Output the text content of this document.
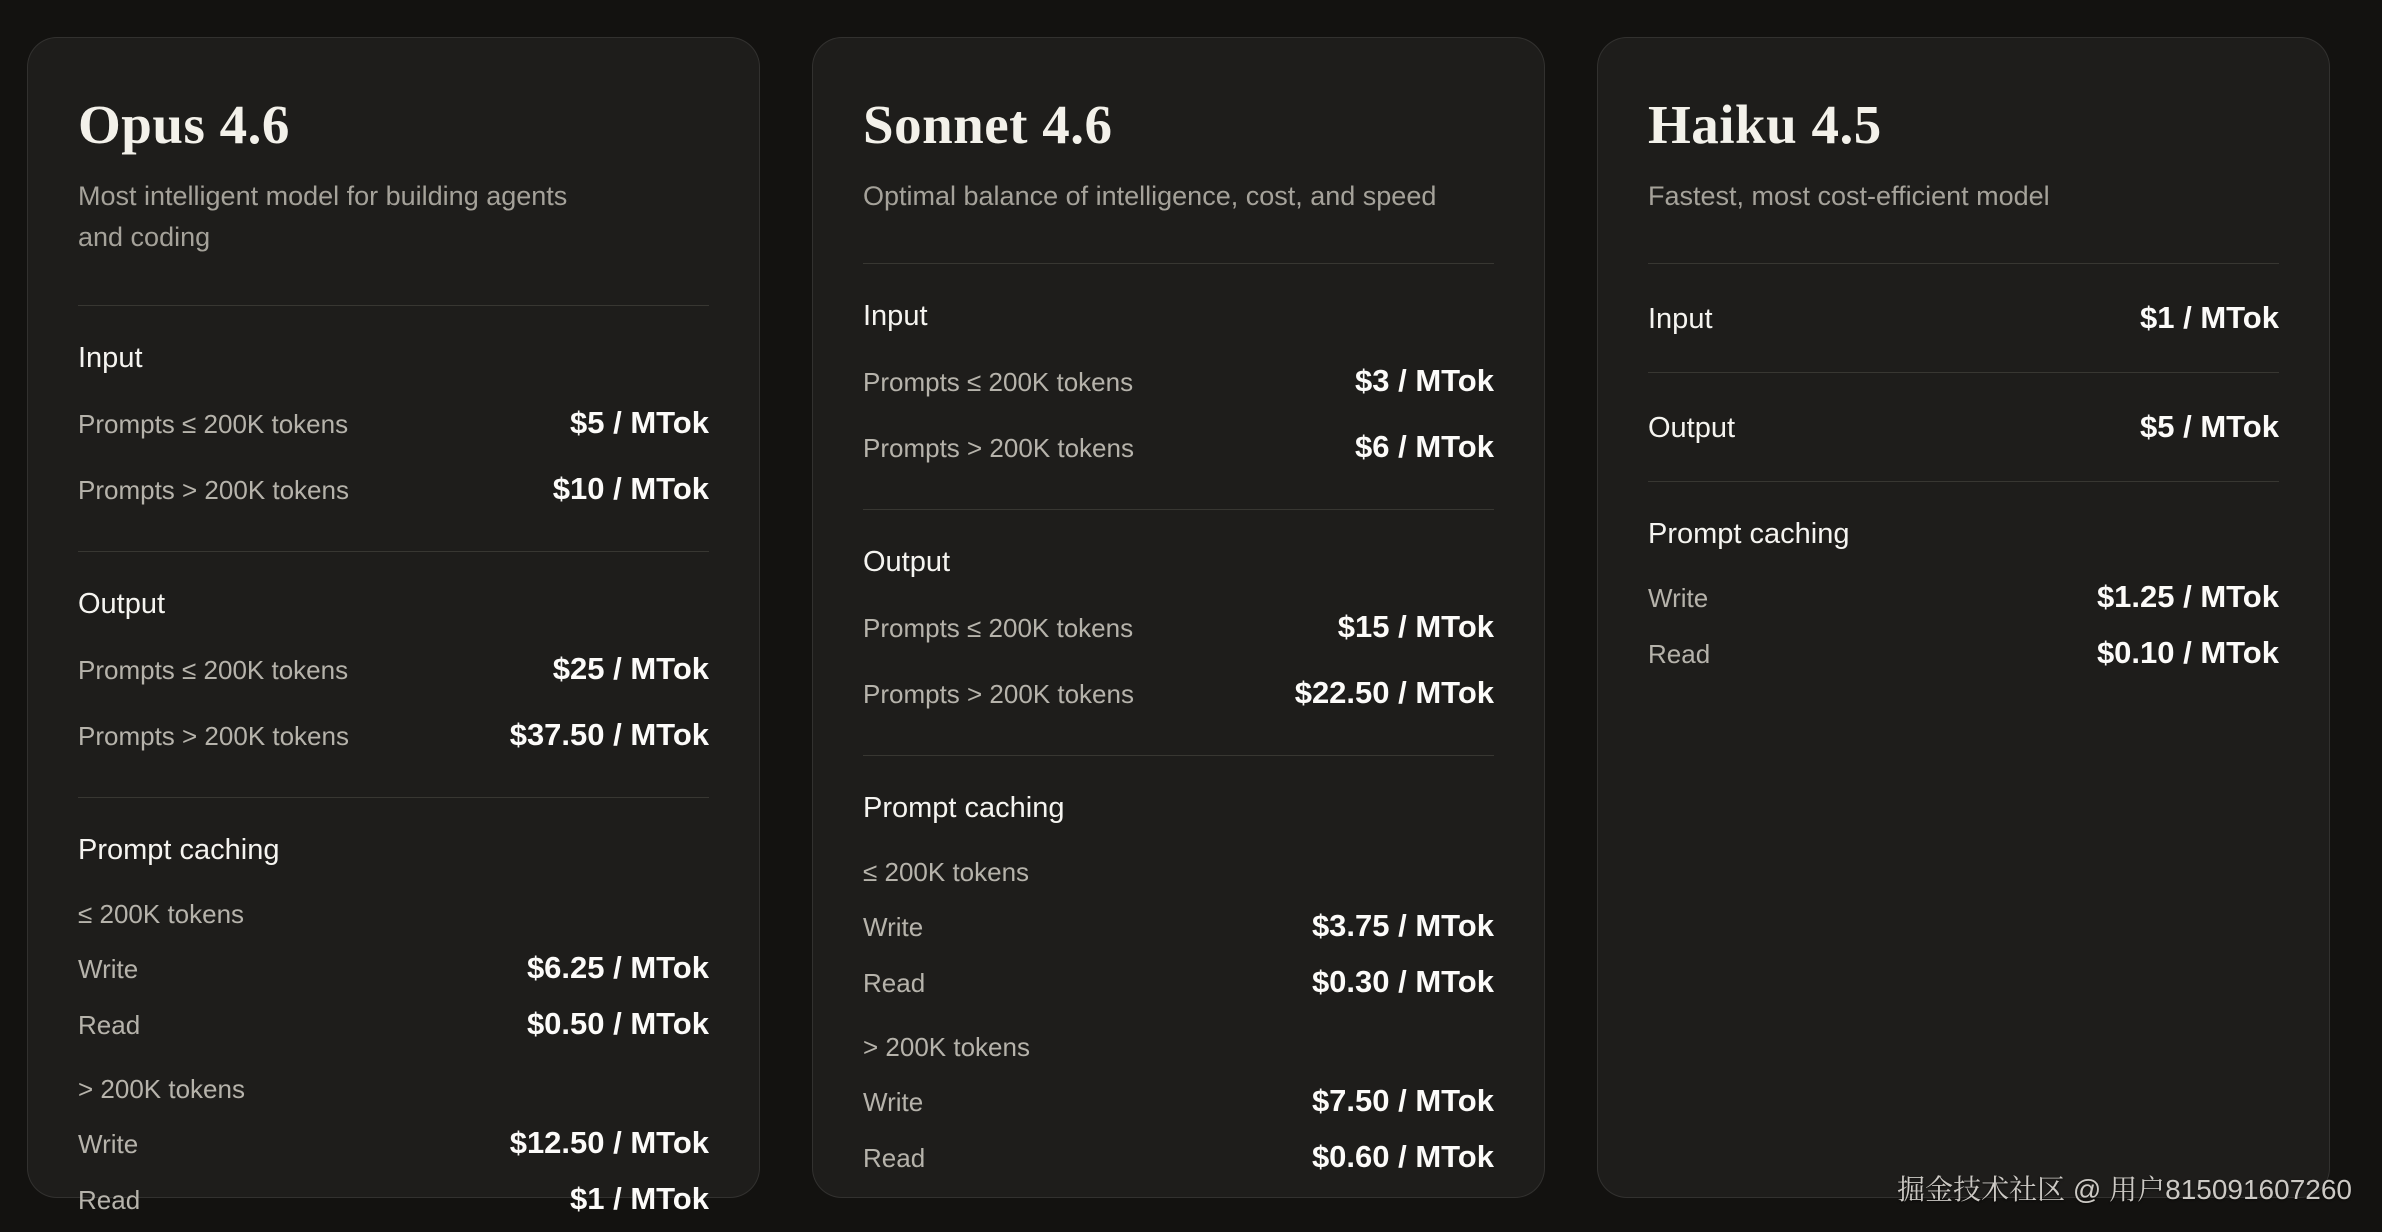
Opus 4.6

Most intelligent model for building agents and coding

Input
Prompts ≤ 200K tokens	$5 / MTok
Prompts > 200K tokens	$10 / MTok
Output
Prompts ≤ 200K tokens	$25 / MTok
Prompts > 200K tokens	$37.50 / MTok
Prompt caching
≤ 200K tokens
Write	$6.25 / MTok
Read	$0.50 / MTok
> 200K tokens
Write	$12.50 / MTok
Read	$1 / MTok
Sonnet 4.6

Optimal balance of intelligence, cost, and speed

Input
Prompts ≤ 200K tokens	$3 / MTok
Prompts > 200K tokens	$6 / MTok
Output
Prompts ≤ 200K tokens	$15 / MTok
Prompts > 200K tokens	$22.50 / MTok
Prompt caching
≤ 200K tokens
Write	$3.75 / MTok
Read	$0.30 / MTok
> 200K tokens
Write	$7.50 / MTok
Read	$0.60 / MTok
Haiku 4.5

Fastest, most cost-efficient model

Input	$1 / MTok
Output	$5 / MTok
Prompt caching
Write	$1.25 / MTok
Read	$0.10 / MTok
掘金技术社区 @ 用户815091607260
